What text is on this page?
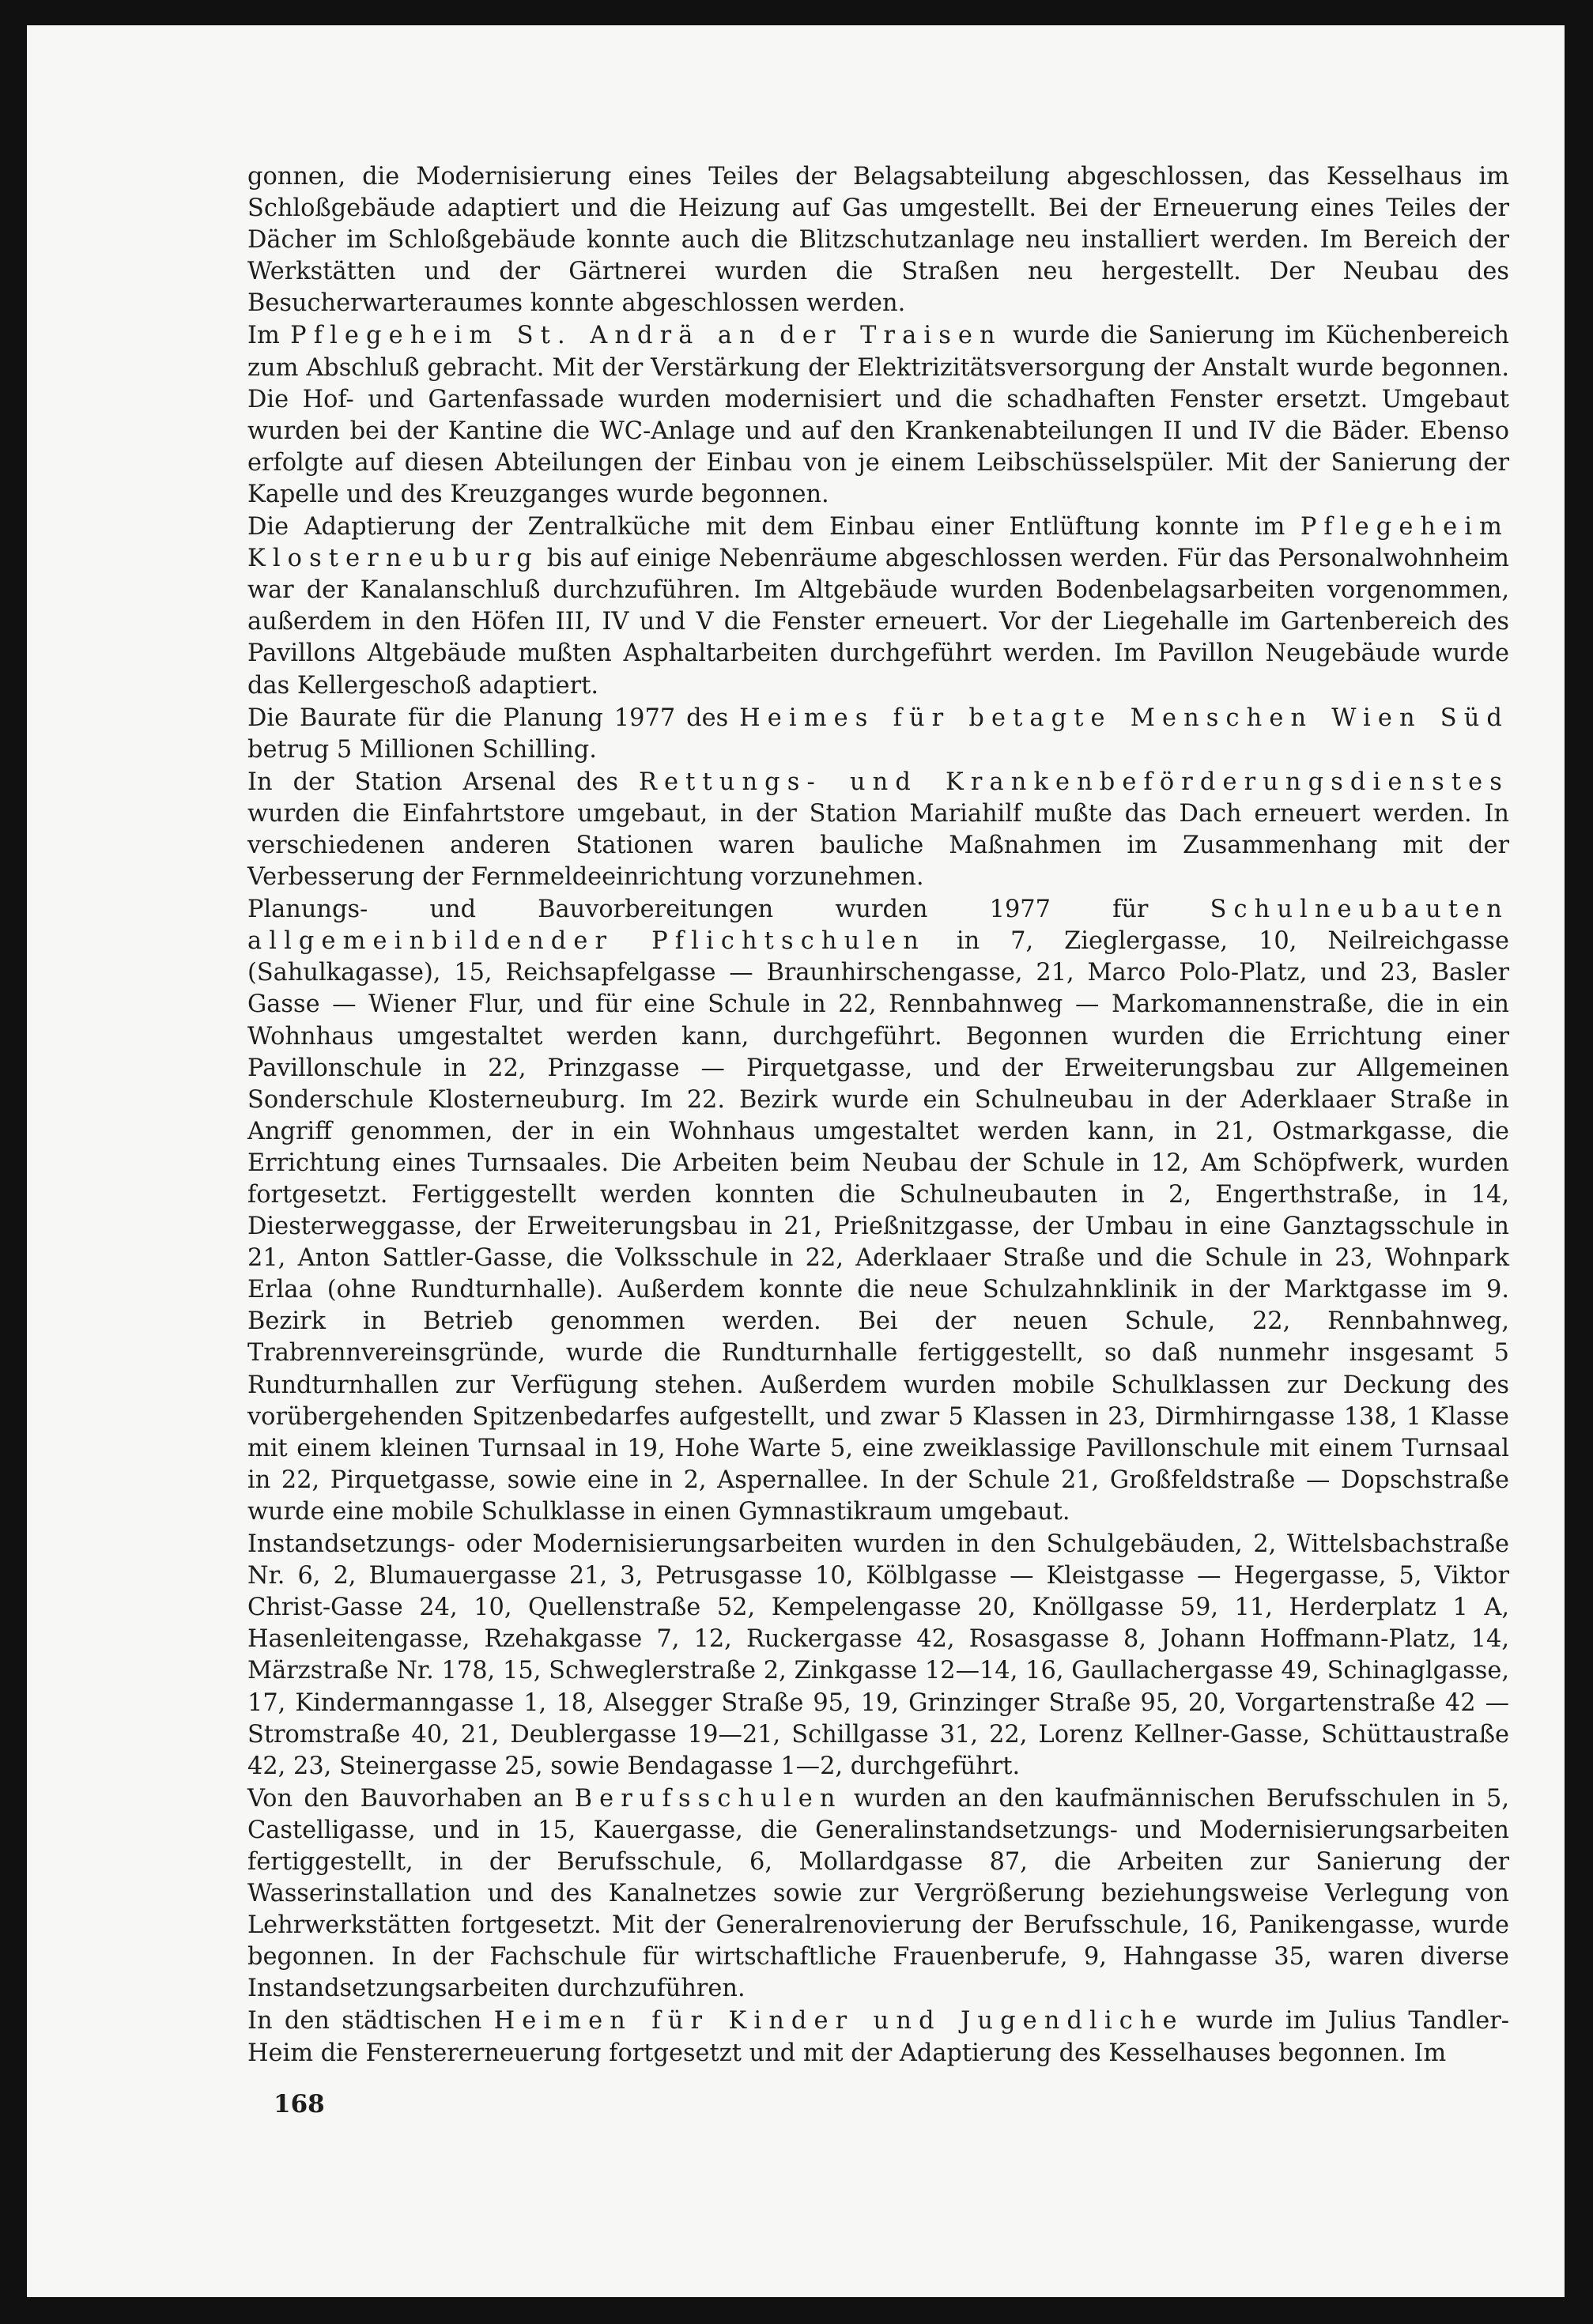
gonnen, die Modernisierung eines Teiles der Belagsabteilung abgeschlossen, das Kesselhaus im Schloßgebäude adaptiert und die Heizung auf Gas umgestellt. Bei der Erneuerung eines Teiles der Dächer im Schloßgebäude konnte auch die Blitzschutzanlage neu installiert werden. Im Bereich der Werkstätten und der Gärtnerei wurden die Straßen neu hergestellt. Der Neubau des Besucherwarteraumes konnte abgeschlossen werden.

Im Pflegeheim St. Andrä an der Traisen wurde die Sanierung im Küchenbereich zum Abschluß gebracht. Mit der Verstärkung der Elektrizitätsversorgung der Anstalt wurde begonnen. Die Hof- und Gartenfassade wurden modernisiert und die schadhaften Fenster ersetzt. Umgebaut wurden bei der Kantine die WC-Anlage und auf den Krankenabteilungen II und IV die Bäder. Ebenso erfolgte auf diesen Abteilungen der Einbau von je einem Leibschüsselspüler. Mit der Sanierung der Kapelle und des Kreuzganges wurde begonnen.

Die Adaptierung der Zentralküche mit dem Einbau einer Entlüftung konnte im Pflegeheim Klosterneuburg bis auf einige Nebenräume abgeschlossen werden. Für das Personalwohnheim war der Kanalanschluß durchzuführen. Im Altgebäude wurden Bodenbelagsarbeiten vorgenommen, außerdem in den Höfen III, IV und V die Fenster erneuert. Vor der Liegehalle im Gartenbereich des Pavillons Altgebäude mußten Asphaltarbeiten durchgeführt werden. Im Pavillon Neugebäude wurde das Kellergeschoß adaptiert.

Die Baurate für die Planung 1977 des Heimes für betagte Menschen Wien Süd betrug 5 Millionen Schilling.

In der Station Arsenal des Rettungs- und Krankenbeförderungsdienstes wurden die Einfahrtstore umgebaut, in der Station Mariahilf mußte das Dach erneuert werden. In verschiedenen anderen Stationen waren bauliche Maßnahmen im Zusammenhang mit der Verbesserung der Fernmeldeeinrichtung vorzunehmen.

Planungs- und Bauvorbereitungen wurden 1977 für Schulneubauten allgemeinbildender Pflichtschulen in 7, Zieglergasse, 10, Neilreichgasse (Sahulkagasse), 15, Reichsapfelgasse — Braunhirschengasse, 21, Marco Polo-Platz, und 23, Basler Gasse — Wiener Flur, und für eine Schule in 22, Rennbahnweg — Markomannenstraße, die in ein Wohnhaus umgestaltet werden kann, durchgeführt. Begonnen wurden die Errichtung einer Pavillonschule in 22, Prinzgasse — Pirquetgasse, und der Erweiterungsbau zur Allgemeinen Sonderschule Klosterneuburg. Im 22. Bezirk wurde ein Schulneubau in der Aderklaaer Straße in Angriff genommen, der in ein Wohnhaus umgestaltet werden kann, in 21, Ostmarkgasse, die Errichtung eines Turnsaales. Die Arbeiten beim Neubau der Schule in 12, Am Schöpfwerk, wurden fortgesetzt. Fertiggestellt werden konnten die Schulneubauten in 2, Engerthstraße, in 14, Diesterweggasse, der Erweiterungsbau in 21, Prießnitzgasse, der Umbau in eine Ganztagsschule in 21, Anton Sattler-Gasse, die Volksschule in 22, Aderklaaer Straße und die Schule in 23, Wohnpark Erlaa (ohne Rundturnhalle). Außerdem konnte die neue Schulzahnklinik in der Marktgasse im 9. Bezirk in Betrieb genommen werden. Bei der neuen Schule, 22, Rennbahnweg, Trabrennvereinsgründe, wurde die Rundturnhalle fertiggestellt, so daß nunmehr insgesamt 5 Rundturnhallen zur Verfügung stehen. Außerdem wurden mobile Schulklassen zur Deckung des vorübergehenden Spitzenbedarfes aufgestellt, und zwar 5 Klassen in 23, Dirmhirngasse 138, 1 Klasse mit einem kleinen Turnsaal in 19, Hohe Warte 5, eine zweiklassige Pavillonschule mit einem Turnsaal in 22, Pirquetgasse, sowie eine in 2, Aspernallee. In der Schule 21, Großfeldstraße — Dopschstraße wurde eine mobile Schulklasse in einen Gymnastikraum umgebaut.

Instandsetzungs- oder Modernisierungsarbeiten wurden in den Schulgebäuden, 2, Wittelsbachstraße Nr. 6, 2, Blumauergasse 21, 3, Petrusgasse 10, Kölblgasse — Kleistgasse — Hegergasse, 5, Viktor Christ-Gasse 24, 10, Quellenstraße 52, Kempelengasse 20, Knöllgasse 59, 11, Herderplatz 1 A, Hasenleitengasse, Rzehakgasse 7, 12, Ruckergasse 42, Rosasgasse 8, Johann Hoffmann-Platz, 14, Märzstraße Nr. 178, 15, Schweglerstraße 2, Zinkgasse 12—14, 16, Gaullachergasse 49, Schinaglgasse, 17, Kindermanngasse 1, 18, Alsegger Straße 95, 19, Grinzinger Straße 95, 20, Vorgartenstraße 42 — Stromstraße 40, 21, Deublergasse 19—21, Schillgasse 31, 22, Lorenz Kellner-Gasse, Schüttaustraße 42, 23, Steinergasse 25, sowie Bendagasse 1—2, durchgeführt.

Von den Bauvorhaben an Berufsschulen wurden an den kaufmännischen Berufsschulen in 5, Castelligasse, und in 15, Kauergasse, die Generalinstandsetzungs- und Modernisierungsarbeiten fertiggestellt, in der Berufsschule, 6, Mollardgasse 87, die Arbeiten zur Sanierung der Wasserinstallation und des Kanalnetzes sowie zur Vergrößerung beziehungsweise Verlegung von Lehrwerkstätten fortgesetzt. Mit der Generalrenovierung der Berufsschule, 16, Panikengasse, wurde begonnen. In der Fachschule für wirtschaftliche Frauenberufe, 9, Hahngasse 35, waren diverse Instandsetzungsarbeiten durchzuführen.

In den städtischen Heimen für Kinder und Jugendliche wurde im Julius Tandler-Heim die Fenstererneuerung fortgesetzt und mit der Adaptierung des Kesselhauses begonnen. Im

168
